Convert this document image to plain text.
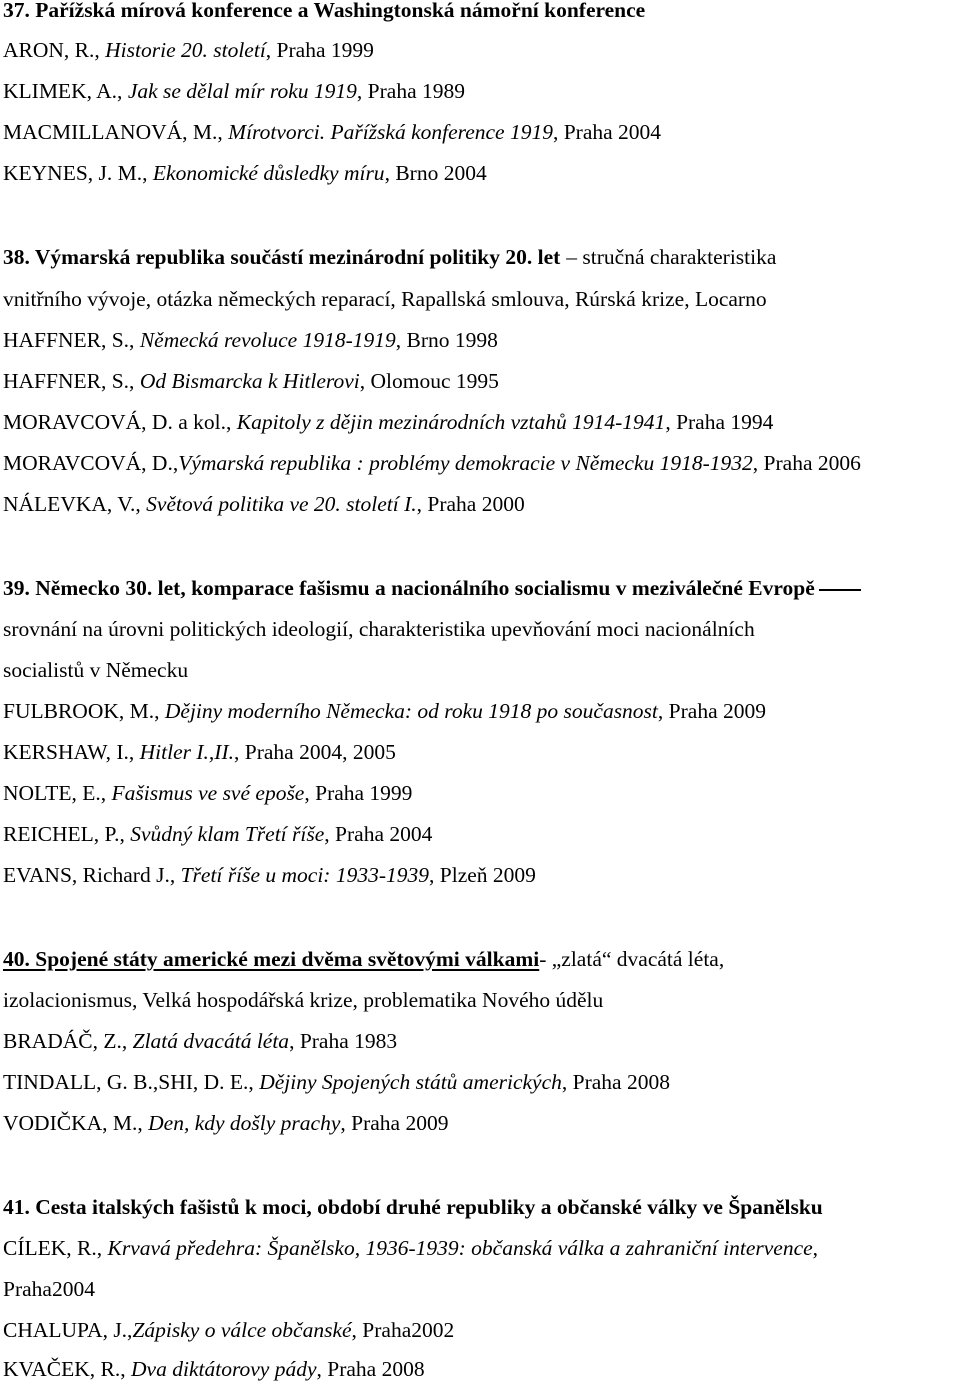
37. Pařížská mírová konference a Washingtonská námořní konference
ARON, R., Historie 20. století, Praha 1999
KLIMEK, A., Jak se dělal mír roku 1919, Praha 1989
MACMILLANOVÁ, M., Mírotvorci. Pařížská konference 1919, Praha 2004
KEYNES, J. M., Ekonomické důsledky míru, Brno 2004
38. Výmarská republika součástí mezinárodní politiky 20. let – stručná charakteristika
vnitřního vývoje, otázka německých reparací, Rapallská smlouva, Rúrská krize, Locarno
HAFFNER, S., Německá revoluce 1918-1919, Brno 1998
HAFFNER, S., Od Bismarcka k Hitlerovi, Olomouc 1995
MORAVCOVÁ, D. a kol., Kapitoly z dějin mezinárodních vztahů 1914-1941, Praha 1994
MORAVCOVÁ, D.,Výmarská republika : problémy demokracie v Německu 1918-1932, Praha 2006
NÁLEVKA, V., Světová politika ve 20. století I., Praha 2000
39. Německo 30. let, komparace fašismu a nacionálního socialismu v meziválečné Evropě
srovnání na úrovni politických ideologií, charakteristika upevňování moci nacionálních
socialistů v Německu
FULBROOK, M., Dějiny moderního Německa: od roku 1918 po současnost, Praha 2009
KERSHAW, I., Hitler I.,II., Praha 2004, 2005
NOLTE, E., Fašismus ve své epoše, Praha 1999
REICHEL, P., Svůdný klam Třetí říše, Praha 2004
EVANS, Richard J., Třetí říše u moci: 1933-1939, Plzeň 2009
40. Spojené státy americké mezi dvěma světovými válkami- „zlatá“ dvacátá léta,
izolacionismus, Velká hospodářská krize, problematika Nového údělu
BRADÁČ, Z., Zlatá dvacátá léta, Praha 1983
TINDALL, G. B.,SHI, D. E., Dějiny Spojených států amerických, Praha 2008
VODIČKA, M., Den, kdy došly prachy, Praha 2009
41. Cesta italských fašistů k moci, období druhé republiky a občanské války ve Španělsku
CÍLEK, R., Krvavá předehra: Španělsko, 1936-1939: občanská válka a zahraniční intervence,
Praha2004
CHALUPA, J.,Zápisky o válce občanské, Praha2002
KVAČEK, R., Dva diktátorovy pády, Praha 2008
